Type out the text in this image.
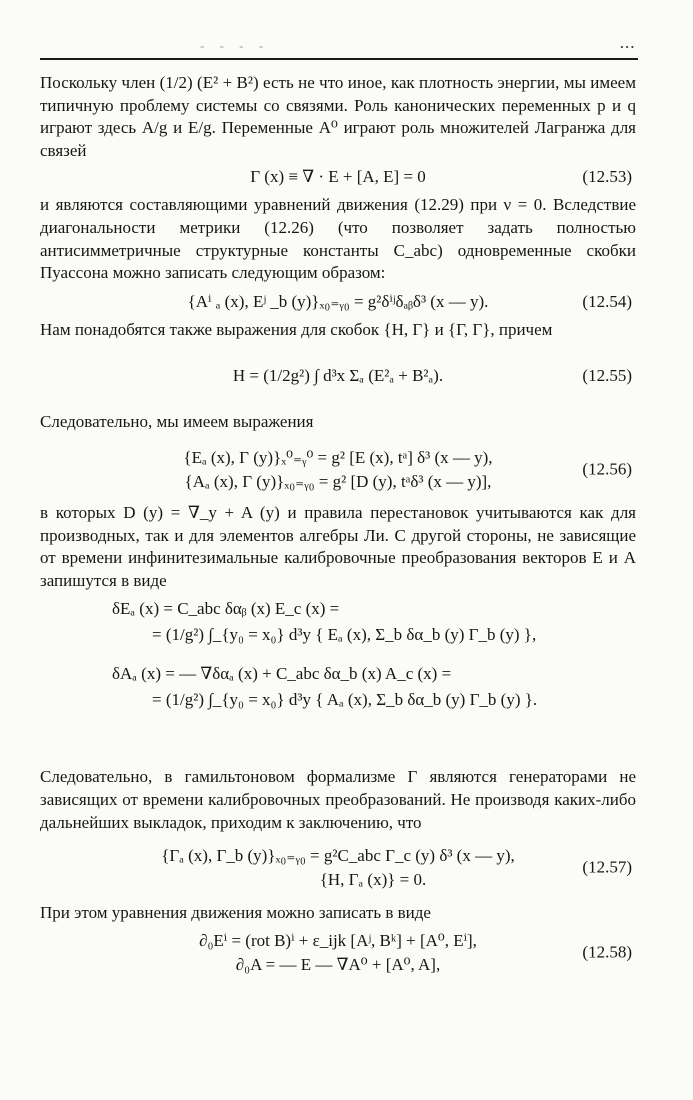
- - - -	...

Поскольку член (1/2) (E² + B²) есть не что иное, как плотность энергии, мы имеем типичную проблему системы со связями. Роль канонических переменных p и q играют здесь A/g и E/g. Переменные A⁰ играют роль множителей Лагранжа для связей

Γ (x) ≡ ∇ · E + [A, E] = 0	(12.53)

и являются составляющими уравнений движения (12.29) при ν = 0. Вследствие диагональности метрики (12.26) (что позволяет задать полностью антисимметричные структурные константы C_abc) одновременные скобки Пуассона можно записать следующим образом:

{Aⁱ ₐ (x), Eʲ _b (y)}ₓ₀₌ᵧ₀ = g²δⁱʲδₐᵦδ³ (x — y).	(12.54)

Нам понадобятся также выражения для скобок {H, Γ} и {Γ, Γ}, причем

H = (1/2g²) ∫ d³x Σₐ (E²ₐ + B²ₐ).	(12.55)

Следовательно, мы имеем выражения

{Eₐ (x), Γ (y)}ₓ⁰₌ᵧ⁰ = g² [E (x), tᵃ] δ³ (x — y),
{Aₐ (x), Γ (y)}ₓ₀₌ᵧ₀ = g² [D (y), tᵃδ³ (x — y)],
(12.56)

в которых D (y) = ∇_y + A (y) и правила перестановок учитываются как для производных, так и для элементов алгебры Ли. С другой стороны, не зависящие от времени инфинитезимальные калибровочные преобразования векторов E и A запишутся в виде

δEₐ (x) = C_abc δαᵦ (x) E_c (x) =
= (1/g²) ∫_{y₀ = x₀} d³y { Eₐ (x), Σ_b δα_b (y) Γ_b (y) },
δAₐ (x) = — ∇δαₐ (x) + C_abc δα_b (x) A_c (x) =
= (1/g²) ∫_{y₀ = x₀} d³y { Aₐ (x), Σ_b δα_b (y) Γ_b (y) }.

Следовательно, в гамильтоновом формализме Γ являются генераторами не зависящих от времени калибровочных преобразований. Не производя каких-либо дальнейших выкладок, приходим к заключению, что

{Γₐ (x), Γ_b (y)}ₓ₀₌ᵧ₀ = g²C_abc Γ_c (y) δ³ (x — y),
{H, Γₐ (x)} = 0.
(12.57)

При этом уравнения движения можно записать в виде

∂₀Eⁱ = (rot B)ⁱ + ε_ijk [Aʲ, Bᵏ] + [A⁰, Eⁱ],
∂₀A = — E — ∇A⁰ + [A⁰, A],
(12.58)
